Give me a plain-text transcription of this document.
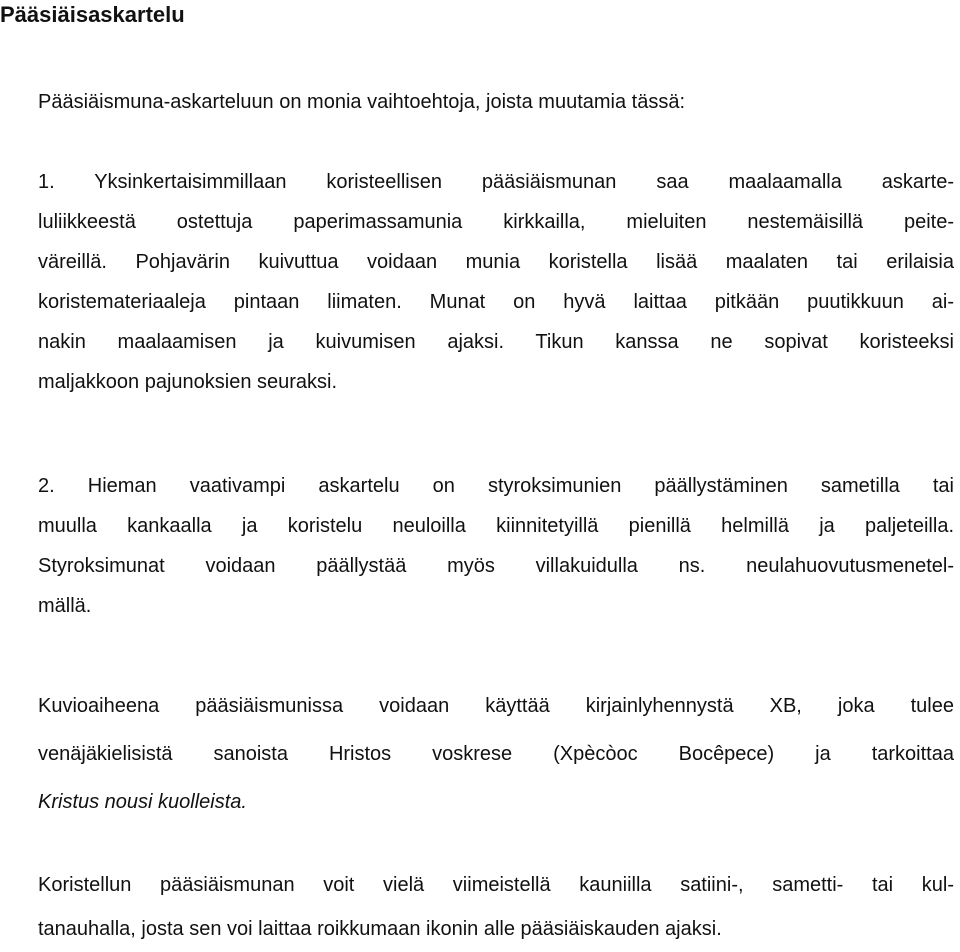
Pääsiäisaskartelu

Pääsiäismuna-askarteluun on monia vaihtoehtoja, joista muutamia tässä:

1. Yksinkertaisimmillaan koristeellisen pääsiäismunan saa maalaamalla askarte-
luliikkeestä ostettuja paperimassamunia kirkkailla, mieluiten nestemäisillä peite-
väreillä. Pohjavärin kuivuttua voidaan munia koristella lisää maalaten tai erilaisia
koristemateriaaleja pintaan liimaten. Munat on hyvä laittaa pitkään puutikkuun ai-
nakin maalaamisen ja kuivumisen ajaksi. Tikun kanssa ne sopivat koristeeksi
maljakkoon pajunoksien seuraksi.

2. Hieman vaativampi askartelu on styroksimunien päällystäminen sametilla tai
muulla kankaalla ja koristelu neuloilla kiinnitetyillä pienillä helmillä ja paljeteilla.
Styroksimunat voidaan päällystää myös villakuidulla ns. neulahuovutusmenetel-
mällä.

Kuvioaiheena pääsiäismunissa voidaan käyttää kirjainlyhennystä ХВ, joka tulee
venäjäkielisistä sanoista Hristos voskrese (Хрèсòос Восêресе) ja tarkoittaa
Kristus nousi kuolleista.

Koristellun pääsiäismunan voit vielä viimeistellä kauniilla satiini-, sametti- tai kul-
tanauhalla, josta sen voi laittaa roikkumaan ikonin alle pääsiäiskauden ajaksi.
